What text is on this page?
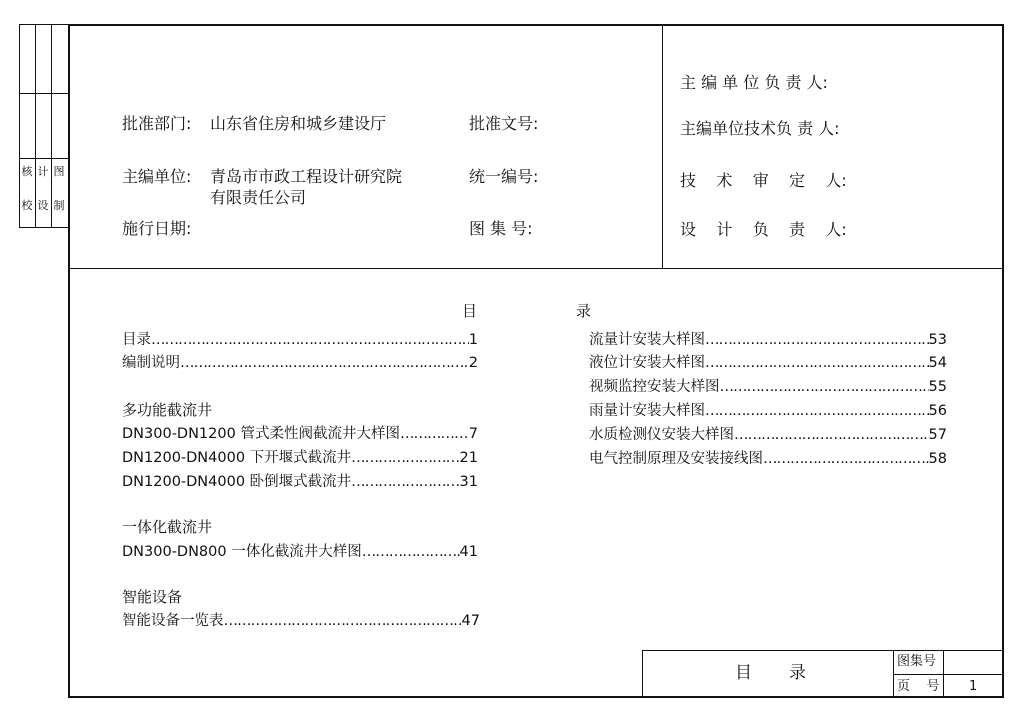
核
校
计
设
图
制
批准部门: 山东省住房和城乡建设厅
主编单位: 青岛市市政工程设计研究院
有限责任公司
施行日期:
批准文号:
统一编号:
图 集 号:
主 编 单 位 负 责 人:
主编单位技术负 责 人:
技    术    审    定    人:
设    计    负    责    人:
目	录
目录 ……………………………………………………………………………………………………………………	1
编制说明 ……………………………………………………………………………………………………………………	2
多功能截流井
DN300-DN1200 管式柔性阀截流井大样图 ……………………………………………………………………………………………………………………	7
DN1200-DN4000 下开堰式截流井 ……………………………………………………………………………………………………………………	21
DN1200-DN4000 卧倒堰式截流井 ……………………………………………………………………………………………………………………	31
一体化截流井
DN300-DN800 一体化截流井大样图 ……………………………………………………………………………………………………………………	41
智能设备
智能设备一览表 ……………………………………………………………………………………………………………………	47
流量计安装大样图 ……………………………………………………………………………………………………………………	53
液位计安装大样图 ……………………………………………………………………………………………………………………	54
视频监控安装大样图 ……………………………………………………………………………………………………………………	55
雨量计安装大样图 ……………………………………………………………………………………………………………………	56
水质检测仪安装大样图 ……………………………………………………………………………………………………………………	57
电气控制原理及安装接线图 ……………………………………………………………………………………………………………………	58
目 录
图集号
页    号 1
